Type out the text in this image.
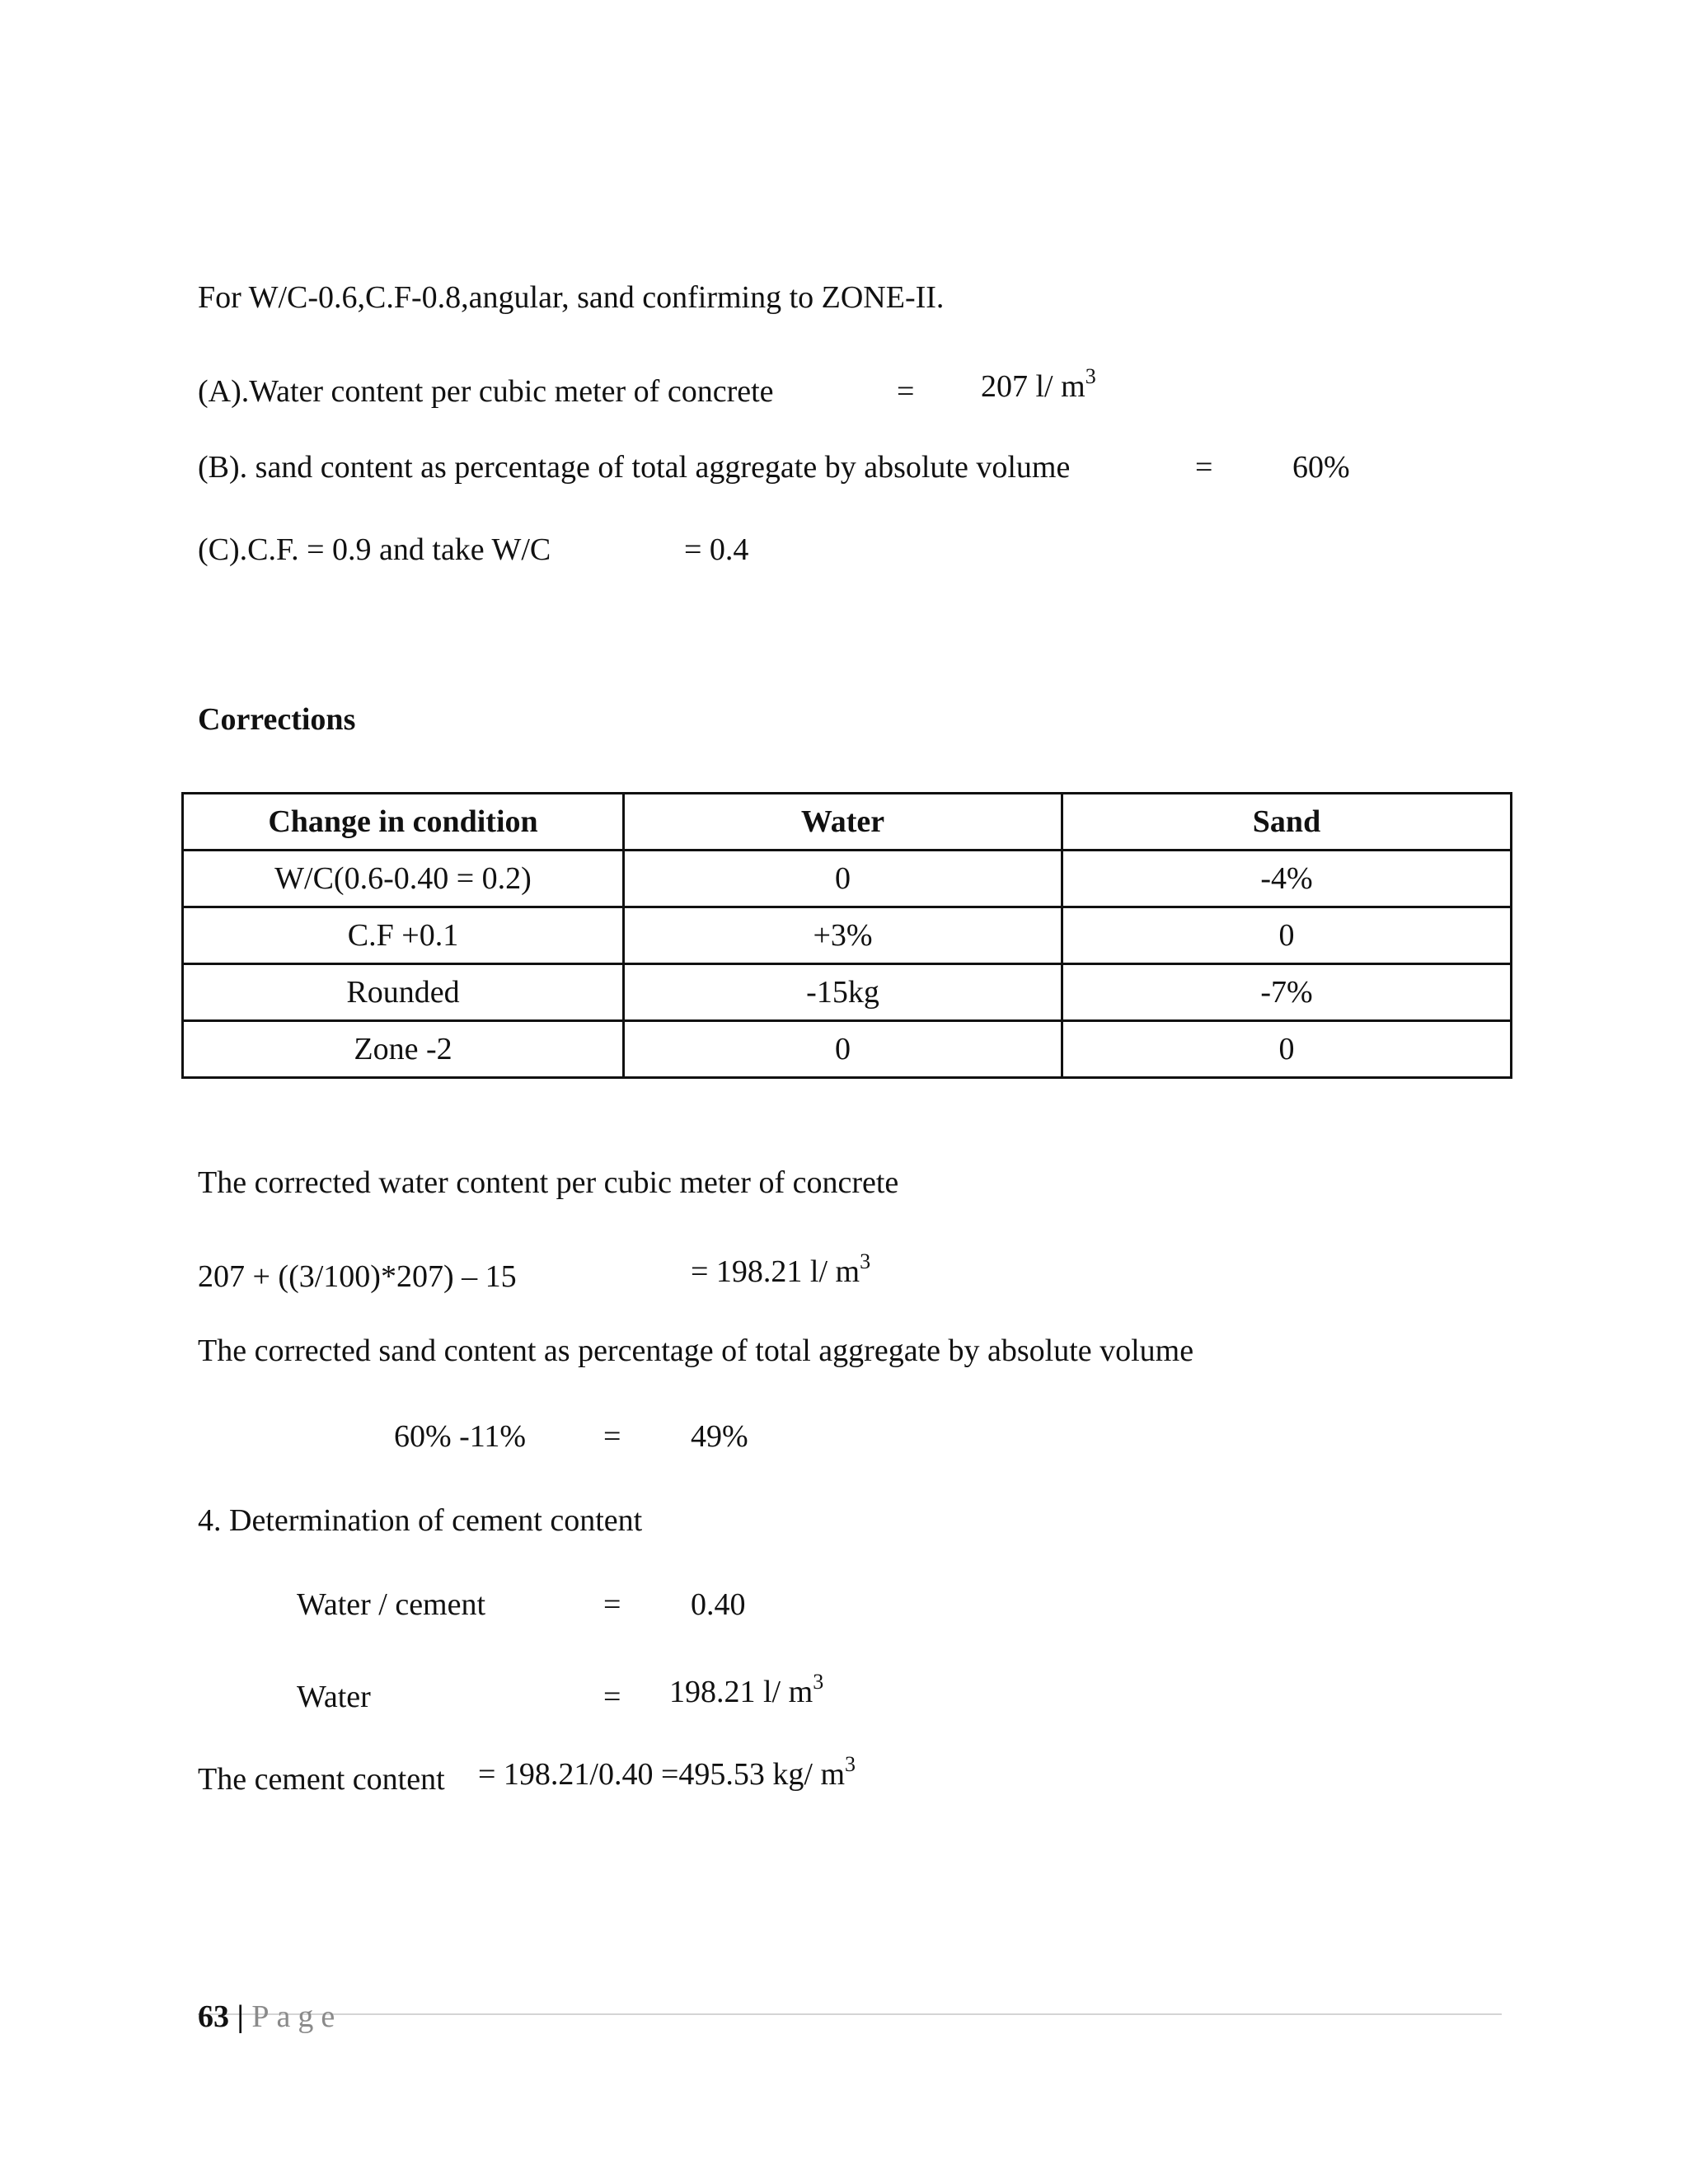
For W/C-0.6,C.F-0.8,angular, sand confirming to ZONE-II.
(A).Water content per cubic meter of concrete	= 207 l/ $m^3$
(B). sand content as percentage of total aggregate by absolute volume	=	60%
(C).C.F. = 0.9 and take W/C	= 0.4
Corrections
Change in condition	Water	Sand
W/C(0.6-0.40 = 0.2)	0	-4%
C.F +0.1	+3%	0
Rounded	-15kg	-7%
Zone -2	0	0
The corrected water content per cubic meter of concrete
207 + ((3/100)*207) – 15	= 198.21 l/ $m^3$
The corrected sand content as percentage of total aggregate by absolute volume
60% -11% = 49%
4. Determination of cement content
Water / cement	= 0.40
Water	= 198.21 l/ $m^3$
The cement content = 198.21/0.40 =495.53 kg/ $m^3$
63 | Page
